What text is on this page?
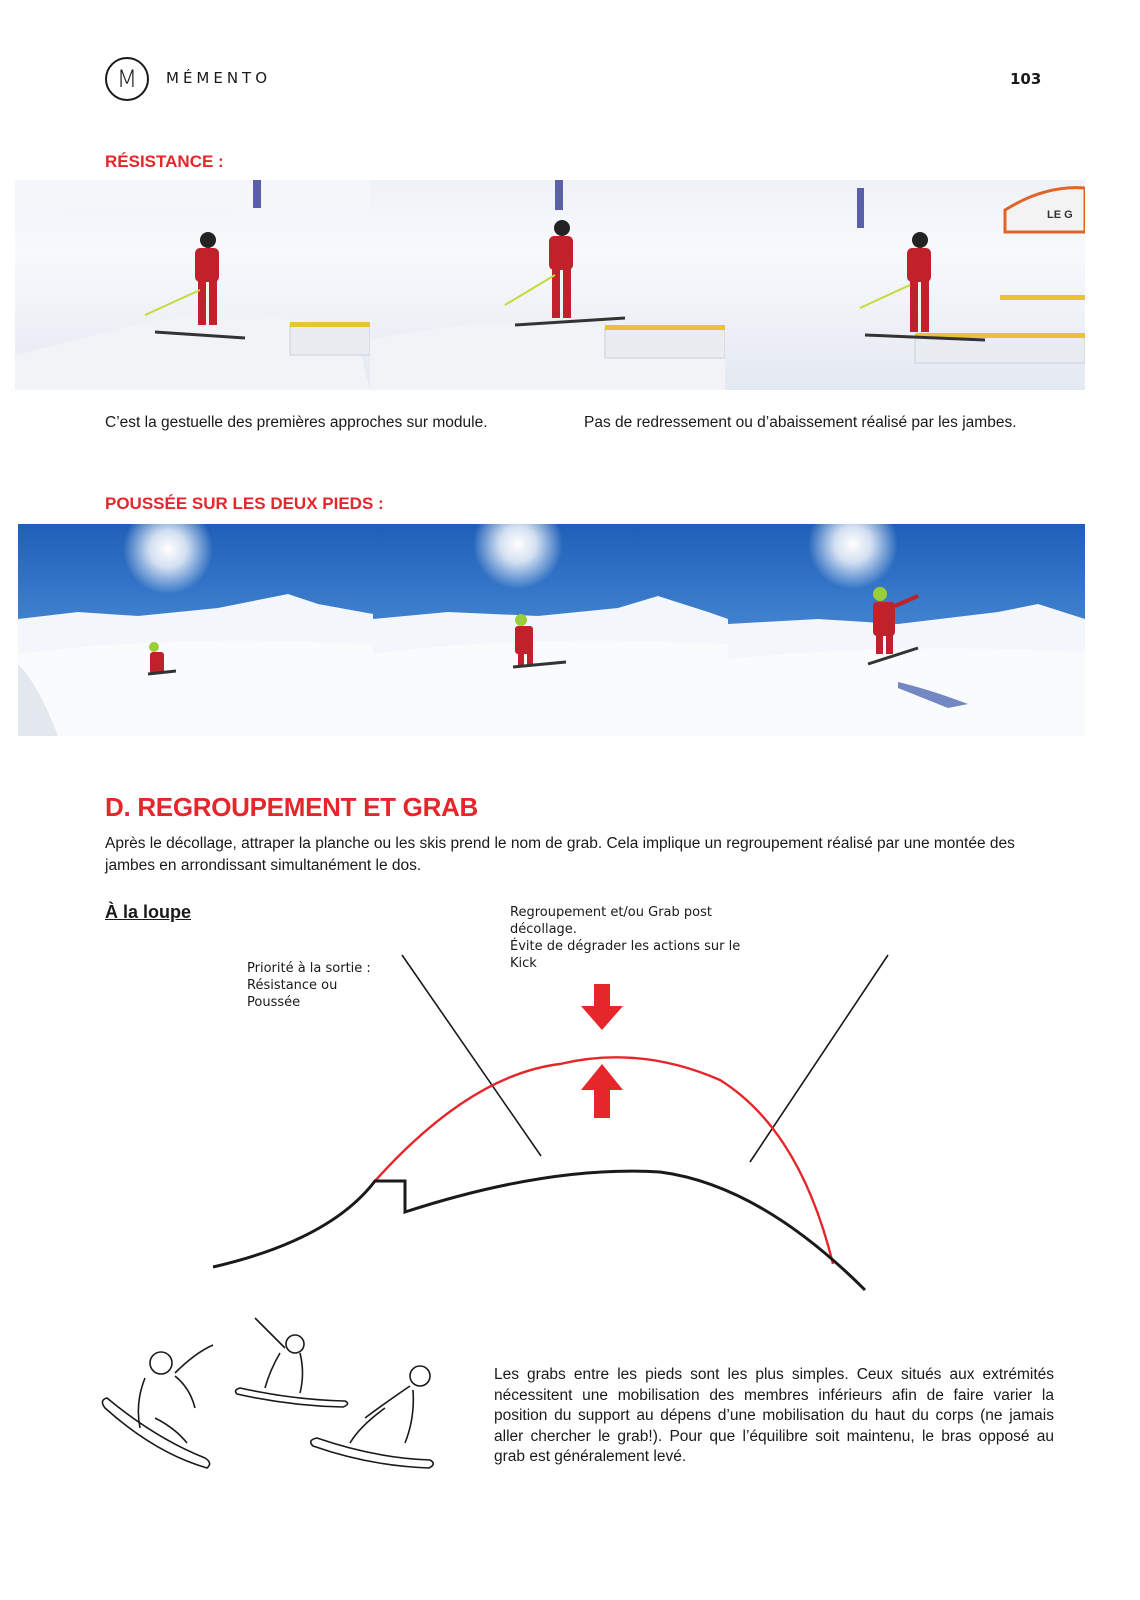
M MÉMENTO	103
RÉSISTANCE :
LE G
C’est la gestuelle des premières approches sur module.	Pas de redressement ou d’abaissement réalisé par les jambes.
POUSSÉE SUR LES DEUX PIEDS :
D. REGROUPEMENT ET GRAB
Après le décollage, attraper la planche ou les skis prend le nom de grab. Cela implique un regroupement réalisé par une montée des jambes en arrondissant simultanément le dos.
À la loupe
Priorité à la sortie :
Résistance ou
Poussée
Regroupement et/ou Grab post
décollage.
Évite de dégrader les actions sur le
Kick
Les grabs entre les pieds sont les plus simples. Ceux situés aux extrémités nécessitent une mobilisation des membres inférieurs afin de faire varier la position du support au dépens d’une mobilisation du haut du corps (ne jamais aller chercher le grab!). Pour que l’équilibre soit maintenu, le bras opposé au grab est généralement levé.
